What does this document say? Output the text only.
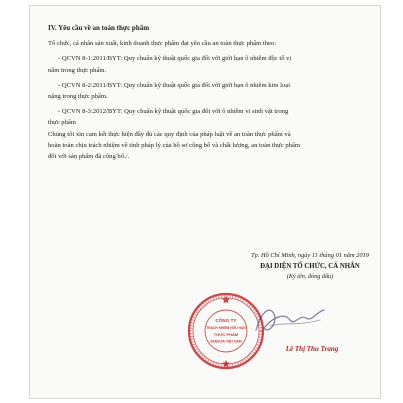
IV. Yêu cầu về an toàn thực phẩm
Tổ chức, cá nhân sản xuất, kinh doanh thực phẩm đạt yêu cầu an toàn thực phẩm theo:
- QCVN 8-1:2011/BYT: Quy chuẩn kỹ thuật quốc gia đối với giới hạn ô nhiễm độc tố vi
nấm trong thực phẩm.
- QCVN 8-2:2011/BYT: Quy chuẩn kỹ thuật quốc gia đối với giới hạn ô nhiễm kim loại
nặng trong thực phẩm.
- QCVN 8-3:2012/BYT: Quy chuẩn kỹ thuật quốc gia đối với ô nhiễm vi sinh vật trong
thực phẩm
Chúng tôi xin cam kết thực hiện đầy đủ các quy định của pháp luật về an toàn thực phẩm và
hoàn toàn chịu trách nhiệm về tính pháp lý của hồ sơ công bố và chất lượng, an toàn thực phẩm
đối với sản phẩm đã công bố./.
Tp. Hồ Chí Minh, ngày 11 tháng 01 năm 2019
ĐẠI DIỆN TỔ CHỨC, CÁ NHÂN
(Ký tên, đóng dấu)
CÔNG TY
TRÁCH NHIỆM HỮU HẠN
THỰC PHẨM
SENSUIA VIỆT NAM
Lê Thị Thu Trang
